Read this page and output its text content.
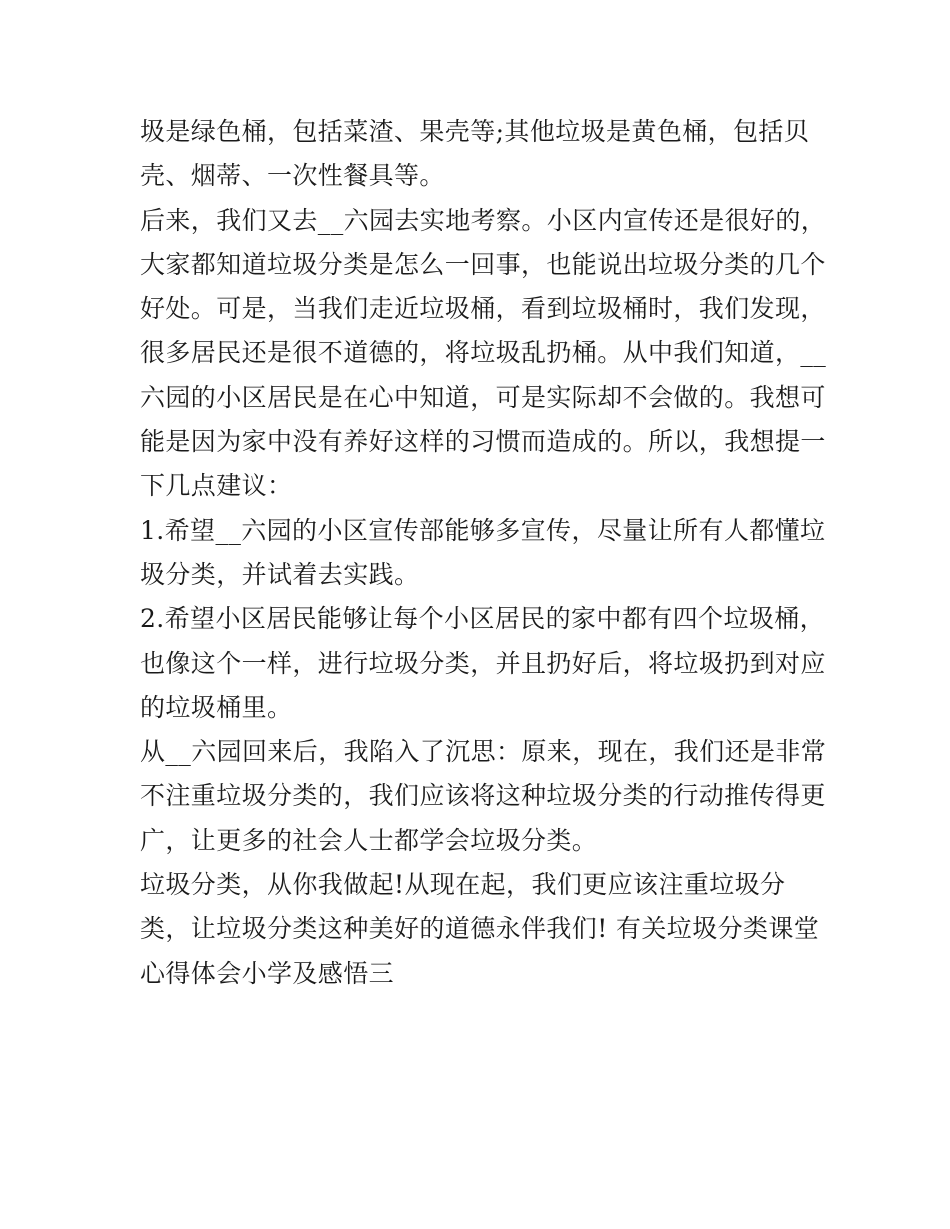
圾是绿色桶，包括菜渣、果壳等;其他垃圾是黄色桶，包括贝
壳、烟蒂、一次性餐具等。
后来，我们又去__六园去实地考察。小区内宣传还是很好的，
大家都知道垃圾分类是怎么一回事，也能说出垃圾分类的几个
好处。可是，当我们走近垃圾桶，看到垃圾桶时，我们发现，
很多居民还是很不道德的，将垃圾乱扔桶。从中我们知道，__
六园的小区居民是在心中知道，可是实际却不会做的。我想可
能是因为家中没有养好这样的习惯而造成的。所以，我想提一
下几点建议：
1.希望__六园的小区宣传部能够多宣传，尽量让所有人都懂垃
圾分类，并试着去实践。
2.希望小区居民能够让每个小区居民的家中都有四个垃圾桶，
也像这个一样，进行垃圾分类，并且扔好后，将垃圾扔到对应
的垃圾桶里。
从__六园回来后，我陷入了沉思：原来，现在，我们还是非常
不注重垃圾分类的，我们应该将这种垃圾分类的行动推传得更
广，让更多的社会人士都学会垃圾分类。
垃圾分类，从你我做起!从现在起，我们更应该注重垃圾分
类，让垃圾分类这种美好的道德永伴我们! 有关垃圾分类课堂
心得体会小学及感悟三
